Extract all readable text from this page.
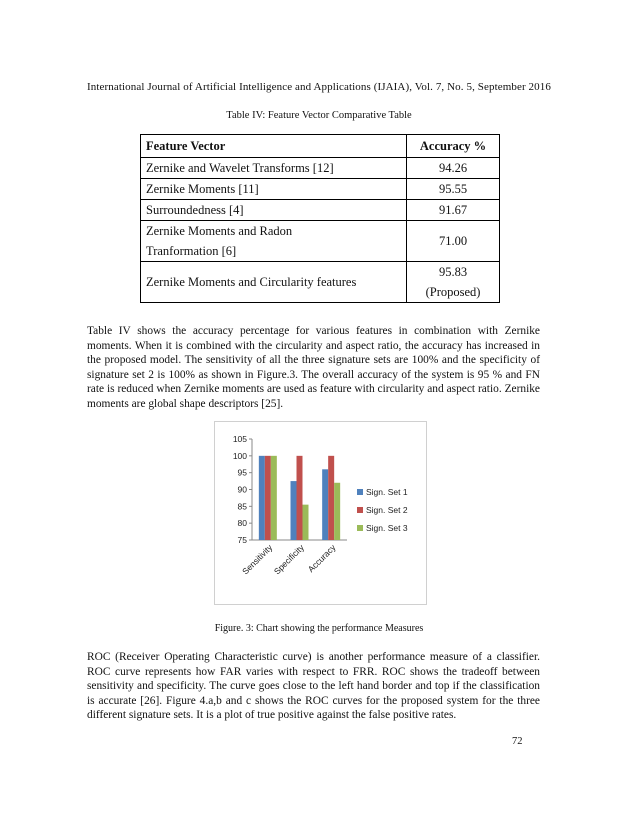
International Journal of Artificial Intelligence and Applications (IJAIA), Vol. 7, No. 5, September 2016
Table IV: Feature Vector Comparative Table
Feature Vector	Accuracy %
Zernike and Wavelet Transforms [12]	94.26
Zernike Moments [11]	95.55
Surroundedness [4]	91.67

Zernike Moments and Radon
Tranformation [6]	71.00
Zernike Moments and Circularity features	95.83
(Proposed)
Table IV shows the accuracy percentage for various features in combination with Zernike moments. When it is combined with the circularity and aspect ratio, the accuracy has increased in the proposed model. The sensitivity of all the three signature sets are 100% and the specificity of signature set 2 is 100% as shown in Figure.3. The overall accuracy of the system is 95 % and FN rate is reduced when Zernike moments are used as feature with circularity and aspect ratio. Zernike moments are global shape descriptors [25].
75
80
85
90
95
100
105
Sensitivity
Specificity Accuracy
Sign. Set 1
Sign. Set 2
Sign. Set 3
Figure. 3: Chart showing the performance Measures
ROC (Receiver Operating Characteristic curve) is another performance measure of a classifier. ROC curve represents how FAR varies with respect to FRR. ROC shows the tradeoff between sensitivity and specificity. The curve goes close to the left hand border and top if the classification is accurate [26]. Figure 4.a,b and c shows the ROC curves for the proposed system for the three different signature sets. It is a plot of true positive against the false positive rates.
72
